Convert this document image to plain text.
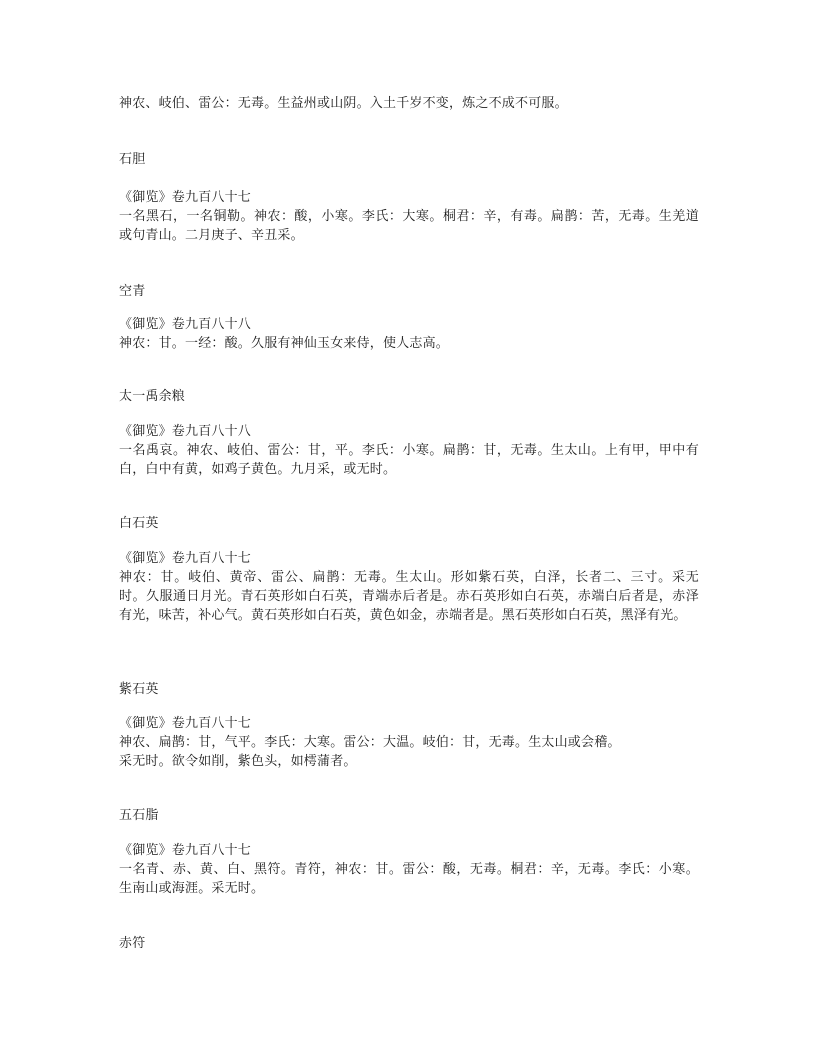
神农、岐伯、雷公：无毒。生益州或山阴。入土千岁不变，炼之不成不可服。
石胆
《御览》卷九百八十七
一名黑石，一名铜勒。神农：酸，小寒。李氏：大寒。桐君：辛，有毒。扁鹊：苦，无毒。生羌道或句青山。二月庚子、辛丑采。
空青
《御览》卷九百八十八
神农：甘。一经：酸。久服有神仙玉女来侍，使人志高。
太一禹余粮
《御览》卷九百八十八
一名禹哀。神农、岐伯、雷公：甘，平。李氏：小寒。扁鹊：甘，无毒。生太山。上有甲，甲中有白，白中有黄，如鸡子黄色。九月采，或无时。
白石英
《御览》卷九百八十七
神农：甘。岐伯、黄帝、雷公、扁鹊：无毒。生太山。形如紫石英，白泽，长者二、三寸。采无时。久服通日月光。青石英形如白石英，青端赤后者是。赤石英形如白石英，赤端白后者是，赤泽有光，味苦，补心气。黄石英形如白石英，黄色如金，赤端者是。黑石英形如白石英，黑泽有光。
紫石英
《御览》卷九百八十七
神农、扁鹊：甘，气平。李氏：大寒。雷公：大温。岐伯：甘，无毒。生太山或会稽。
采无时。欲令如削，紫色头，如樗蒲者。
五石脂
《御览》卷九百八十七
一名青、赤、黄、白、黑符。青符，神农：甘。雷公：酸，无毒。桐君：辛，无毒。李氏：小寒。生南山或海涯。采无时。
赤符
